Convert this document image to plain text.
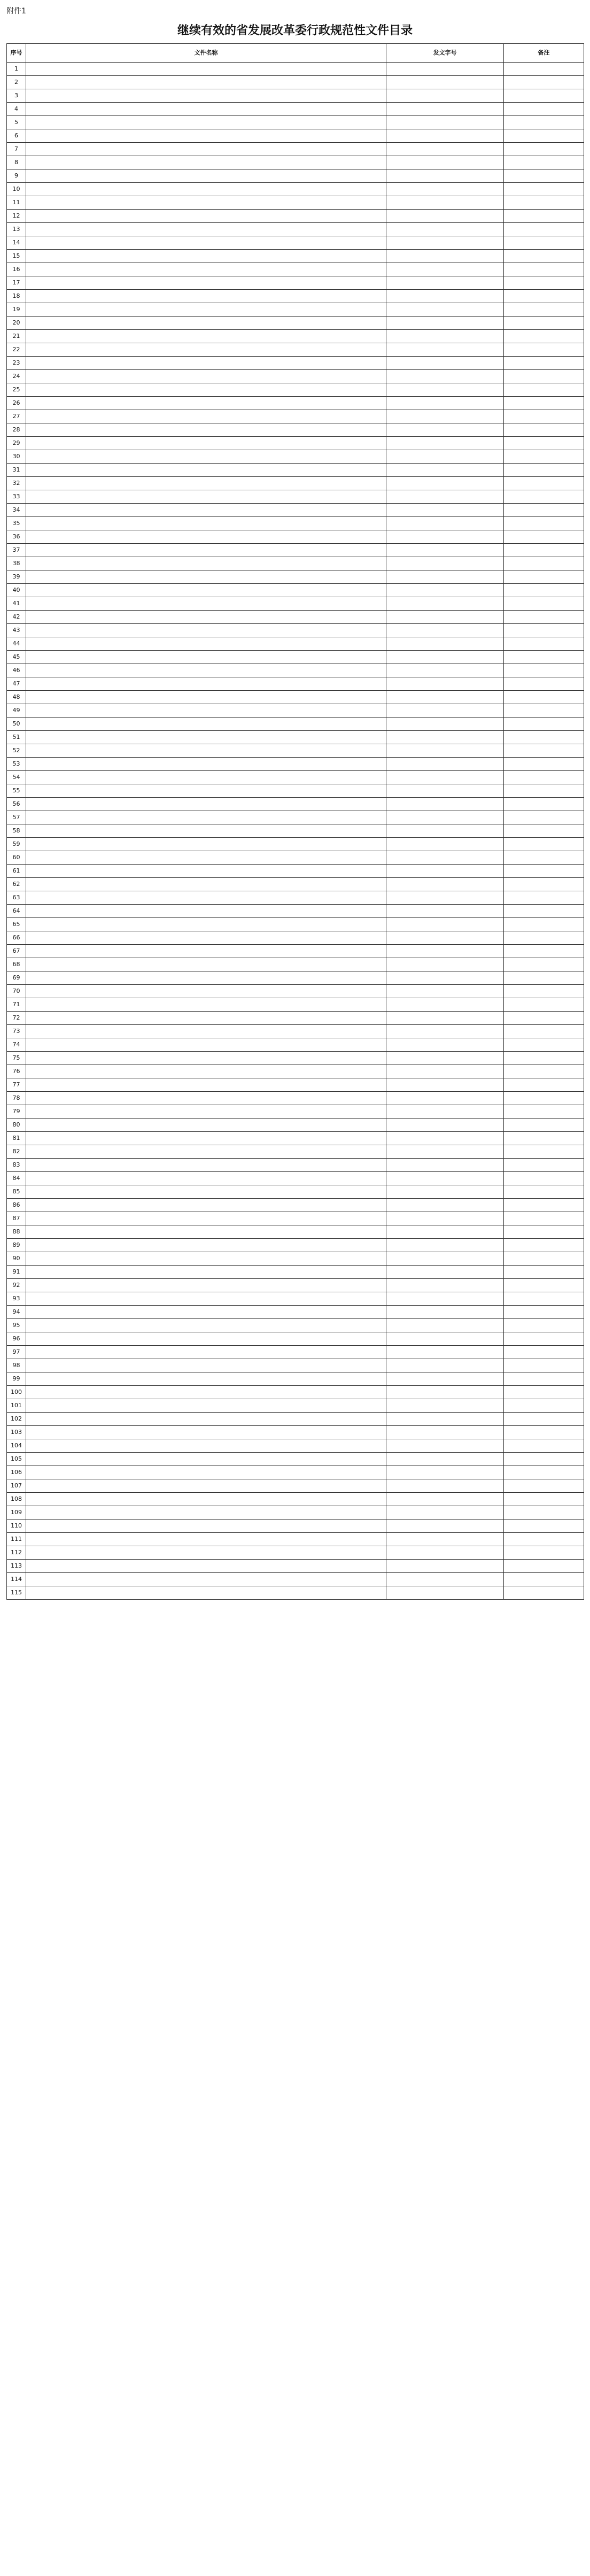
附件1
继续有效的省发展改革委行政规范性文件目录
序号	文件名称	发文字号	备注
1			
2			
3			
4			
5			
6			
7			
8			
9			
10			
11			
12			
13			
14			
15			
16			
17			
18			
19			
20			
21			
22			
23			
24			
25			
26			
27			
28			
29			
30			
31			
32			
33			
34			
35			
36			
37			
38			
39			
40			
41			
42			
43			
44			
45			
46			
47			
48			
49			
50			
51			
52			
53			
54			
55			
56			
57			
58			
59			
60			
61			
62			
63			
64			
65			
66			
67			
68			
69			
70			
71			
72			
73			
74			
75			
76			
77			
78			
79			
80			
81			
82			
83			
84			
85			
86			
87			
88			
89			
90			
91			
92			
93			
94			
95			
96			
97			
98			
99			
100			
101			
102			
103			
104			
105			
106			
107			
108			
109			
110			
111			
112			
113			
114			
115			
